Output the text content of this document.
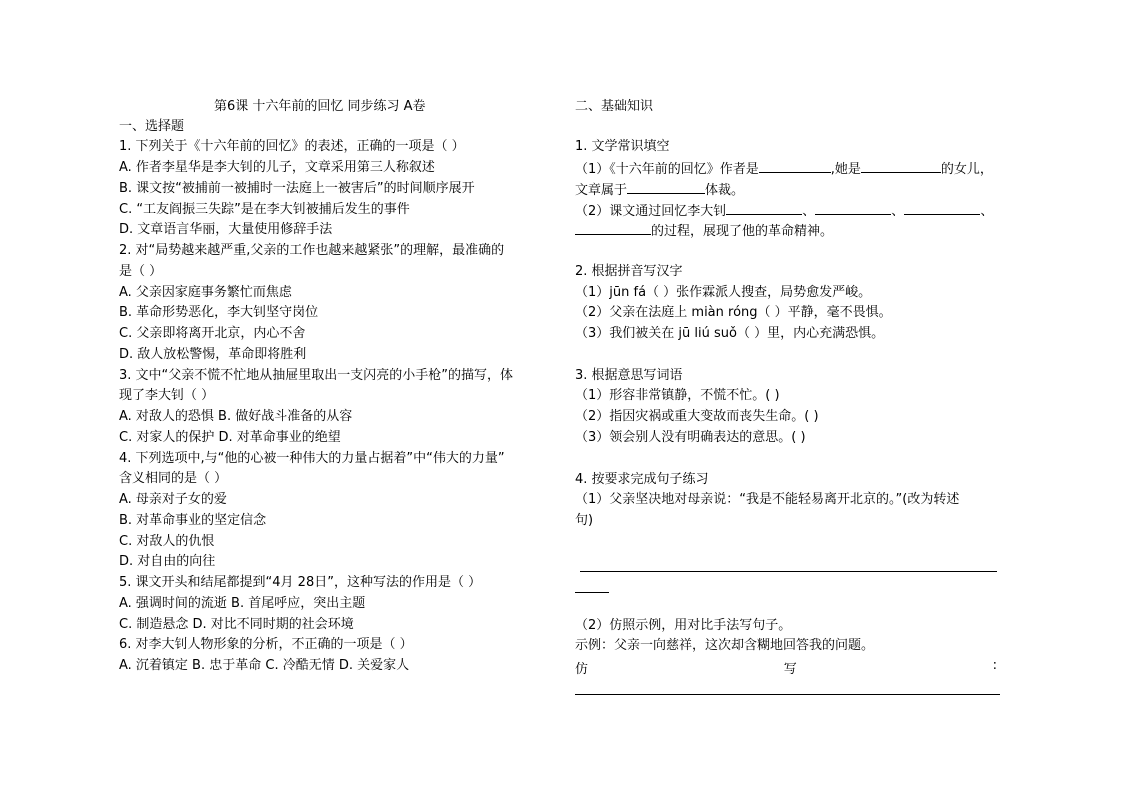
第6课 十六年前的回忆 同步练习 A卷
一、选择题
1. 下列关于《十六年前的回忆》的表述，正确的一项是（ ）
A. 作者李星华是李大钊的儿子，文章采用第三人称叙述
B. 课文按“被捕前一被捕时一法庭上一被害后”的时间顺序展开
C. “工友阎振三失踪”是在李大钊被捕后发生的事件
D. 文章语言华丽，大量使用修辞手法
2. 对“局势越来越严重,父亲的工作也越来越紧张”的理解，最准确的
是（ ）
A. 父亲因家庭事务繁忙而焦虑
B. 革命形势恶化，李大钊坚守岗位
C. 父亲即将离开北京，内心不舍
D. 敌人放松警惕，革命即将胜利
3. 文中“父亲不慌不忙地从抽屉里取出一支闪亮的小手枪”的描写，体
现了李大钊（ ）
A. 对敌人的恐惧 B. 做好战斗准备的从容
C. 对家人的保护 D. 对革命事业的绝望
4. 下列选项中,与“他的心被一种伟大的力量占据着”中“伟大的力量”
含义相同的是（ ）
A. 母亲对子女的爱
B. 对革命事业的坚定信念
C. 对敌人的仇恨
D. 对自由的向往
5. 课文开头和结尾都提到“4月 28日”，这种写法的作用是（ ）
A. 强调时间的流逝 B. 首尾呼应，突出主题
C. 制造悬念 D. 对比不同时期的社会环境
6. 对李大钊人物形象的分析，不正确的一项是（ ）
A. 沉着镇定 B. 忠于革命 C. 冷酷无情 D. 关爱家人
二、基础知识
1. 文学常识填空
（1）《十六年前的回忆》作者是	,她是	的女儿，
文章属于	体裁。
（2）课文通过回忆李大钊	、	、	、
的过程，展现了他的革命精神。
2. 根据拼音写汉字
（1）jūn fá（ ）张作霖派人搜查，局势愈发严峻。
（2）父亲在法庭上 miàn róng（ ）平静，毫不畏惧。
（3）我们被关在 jū liú suǒ（ ）里，内心充满恐惧。
3. 根据意思写词语
（1）形容非常镇静，不慌不忙。( )
（2）指因灾祸或重大变故而丧失生命。( )
（3）领会别人没有明确表达的意思。( )
4. 按要求完成句子练习
（1）父亲坚决地对母亲说：“我是不能轻易离开北京的。”(改为转述
句)
（2）仿照示例，用对比手法写句子。
示例：父亲一向慈祥，这次却含糊地回答我的问题。
仿	写	:
